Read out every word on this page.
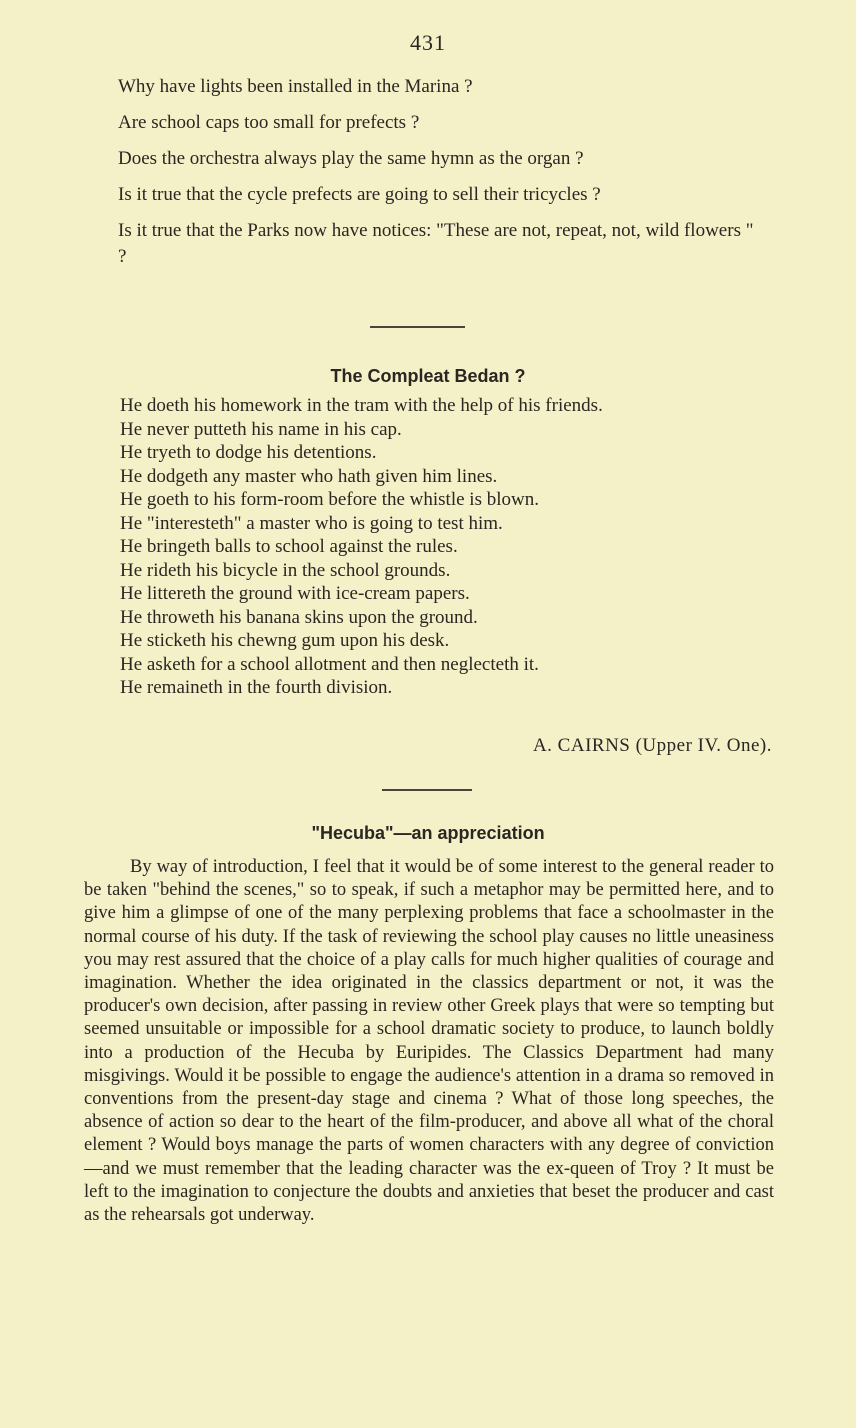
431

Why have lights been installed in the Marina ?

Are school caps too small for prefects ?

Does the orchestra always play the same hymn as the organ ?

Is it true that the cycle prefects are going to sell their tricycles ?

Is it true that the Parks now have notices: "These are not, repeat, not, wild flowers " ?

The Compleat Bedan ?
He doeth his homework in the tram with the help of his friends.
He never putteth his name in his cap.
He tryeth to dodge his detentions.
He dodgeth any master who hath given him lines.
He goeth to his form-room before the whistle is blown.
He "interesteth" a master who is going to test him.
He bringeth balls to school against the rules.
He rideth his bicycle in the school grounds.
He littereth the ground with ice-cream papers.
He throweth his banana skins upon the ground.
He sticketh his chewng gum upon his desk.
He asketh for a school allotment and then neglecteth it.
He remaineth in the fourth division.
A. CAIRNS (Upper IV. One).
"Hecuba"—an appreciation

By way of introduction, I feel that it would be of some interest to the general reader to be taken "behind the scenes," so to speak, if such a metaphor may be permitted here, and to give him a glimpse of one of the many perplexing problems that face a schoolmaster in the normal course of his duty. If the task of reviewing the school play causes no little uneasiness you may rest assured that the choice of a play calls for much higher qualities of courage and imagination. Whether the idea originated in the classics department or not, it was the producer's own decision, after passing in review other Greek plays that were so tempting but seemed unsuitable or impossible for a school dramatic society to produce, to launch boldly into a production of the Hecuba by Euripides. The Classics Department had many misgivings. Would it be possible to engage the audience's attention in a drama so removed in conventions from the present-day stage and cinema ? What of those long speeches, the absence of action so dear to the heart of the film-producer, and above all what of the choral element ? Would boys manage the parts of women characters with any degree of conviction—and we must remember that the leading character was the ex-queen of Troy ? It must be left to the imagination to conjecture the doubts and anxieties that beset the producer and cast as the rehearsals got underway.
